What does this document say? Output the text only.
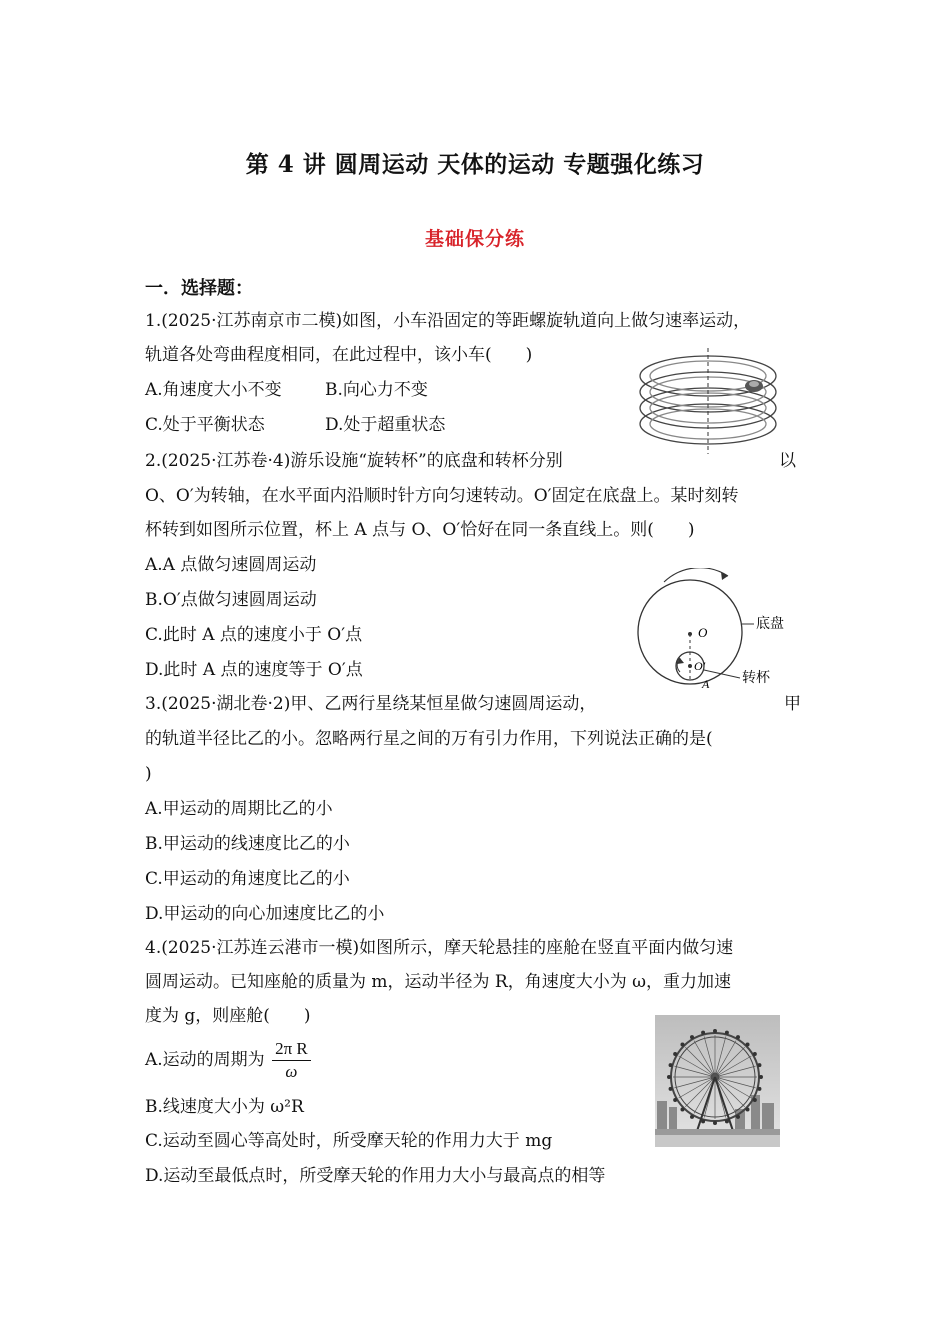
第 4 讲 圆周运动 天体的运动 专题强化练习
基础保分练
一．选择题：
1.(2025·江苏南京市二模)如图，小车沿固定的等距螺旋轨道向上做匀速率运动，
轨道各处弯曲程度相同，在此过程中，该小车(　　)
A.角速度大小不变	B.向心力不变
C.处于平衡状态	D.处于超重状态
2.(2025·江苏卷·4)游乐设施“旋转杯”的底盘和转杯分别	以
O、O′为转轴，在水平面内沿顺时针方向匀速转动。O′固定在底盘上。某时刻转
杯转到如图所示位置，杯上 A 点与 O、O′恰好在同一条直线上。则(　　)
A.A 点做匀速圆周运动
B.O′点做匀速圆周运动
C.此时 A 点的速度小于 O′点
D.此时 A 点的速度等于 O′点
O
O′
A
底盘
转杯
3.(2025·湖北卷·2)甲、乙两行星绕某恒星做匀速圆周运动，	甲
的轨道半径比乙的小。忽略两行星之间的万有引力作用，下列说法正确的是(
)
A.甲运动的周期比乙的小
B.甲运动的线速度比乙的小
C.甲运动的角速度比乙的小
D.甲运动的向心加速度比乙的小
4.(2025·江苏连云港市一模)如图所示，摩天轮悬挂的座舱在竖直平面内做匀速
圆周运动。已知座舱的质量为 m，运动半径为 R，角速度大小为 ω，重力加速
度为 g，则座舱(　　)
A.运动的周期为 $\frac{\text{2π R}}{\omega}$
B.线速度大小为 ω²R
C.运动至圆心等高处时，所受摩天轮的作用力大于 mg
D.运动至最低点时，所受摩天轮的作用力大小与最高点的相等
